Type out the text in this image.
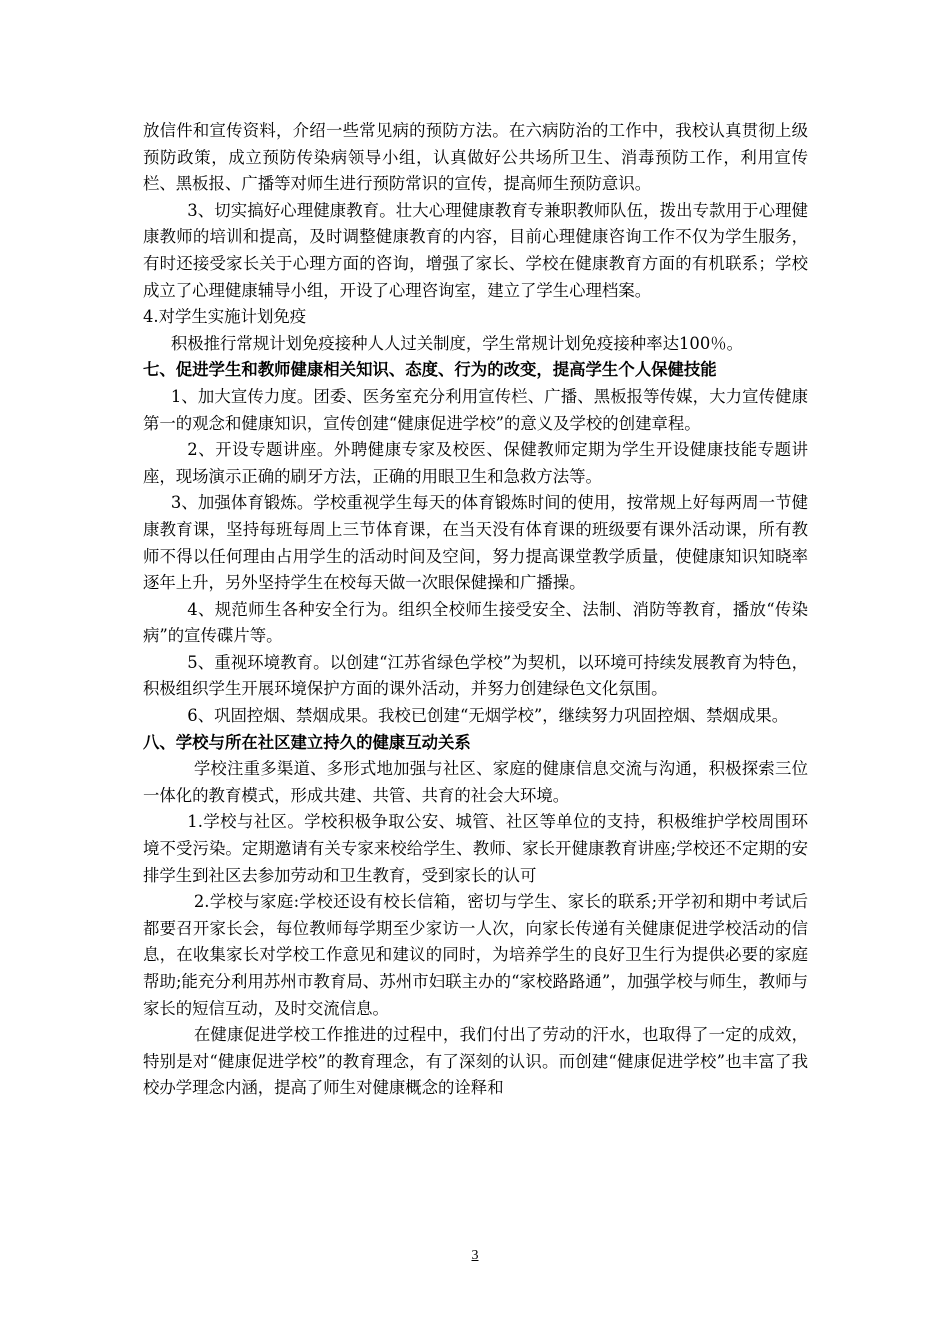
放信件和宣传资料，介绍一些常见病的预防方法。在六病防治的工作中，我校认真贯彻上级预防政策，成立预防传染病领导小组，认真做好公共场所卫生、消毒预防工作，利用宣传栏、黑板报、广播等对师生进行预防常识的宣传，提高师生预防意识。

3、切实搞好心理健康教育。壮大心理健康教育专兼职教师队伍，拨出专款用于心理健康教师的培训和提高，及时调整健康教育的内容，目前心理健康咨询工作不仅为学生服务，有时还接受家长关于心理方面的咨询，增强了家长、学校在健康教育方面的有机联系；学校成立了心理健康辅导小组，开设了心理咨询室，建立了学生心理档案。

4.对学生实施计划免疫

积极推行常规计划免疫接种人人过关制度，学生常规计划免疫接种率达100％。

七、促进学生和教师健康相关知识、态度、行为的改变，提高学生个人保健技能

1、加大宣传力度。团委、医务室充分利用宣传栏、广播、黑板报等传媒，大力宣传健康第一的观念和健康知识，宣传创建“健康促进学校”的意义及学校的创建章程。

2、开设专题讲座。外聘健康专家及校医、保健教师定期为学生开设健康技能专题讲座，现场演示正确的刷牙方法，正确的用眼卫生和急救方法等。

3、加强体育锻炼。学校重视学生每天的体育锻炼时间的使用，按常规上好每两周一节健康教育课，坚持每班每周上三节体育课，在当天没有体育课的班级要有课外活动课，所有教师不得以任何理由占用学生的活动时间及空间，努力提高课堂教学质量，使健康知识知晓率逐年上升，另外坚持学生在校每天做一次眼保健操和广播操。

4、规范师生各种安全行为。组织全校师生接受安全、法制、消防等教育，播放“传染病”的宣传碟片等。

5、重视环境教育。以创建“江苏省绿色学校”为契机，以环境可持续发展教育为特色，积极组织学生开展环境保护方面的课外活动，并努力创建绿色文化氛围。

6、巩固控烟、禁烟成果。我校已创建“无烟学校”，继续努力巩固控烟、禁烟成果。

八、学校与所在社区建立持久的健康互动关系

学校注重多渠道、多形式地加强与社区、家庭的健康信息交流与沟通，积极探索三位一体化的教育模式，形成共建、共管、共育的社会大环境。

1.学校与社区。学校积极争取公安、城管、社区等单位的支持，积极维护学校周围环境不受污染。定期邀请有关专家来校给学生、教师、家长开健康教育讲座;学校还不定期的安排学生到社区去参加劳动和卫生教育，受到家长的认可

2.学校与家庭:学校还设有校长信箱，密切与学生、家长的联系;开学初和期中考试后都要召开家长会，每位教师每学期至少家访一人次，向家长传递有关健康促进学校活动的信息，在收集家长对学校工作意见和建议的同时，为培养学生的良好卫生行为提供必要的家庭帮助;能充分利用苏州市教育局、苏州市妇联主办的“家校路路通”，加强学校与师生，教师与家长的短信互动，及时交流信息。

在健康促进学校工作推进的过程中，我们付出了劳动的汗水，也取得了一定的成效，特别是对“健康促进学校”的教育理念，有了深刻的认识。而创建“健康促进学校”也丰富了我校办学理念内涵，提高了师生对健康概念的诠释和

3
